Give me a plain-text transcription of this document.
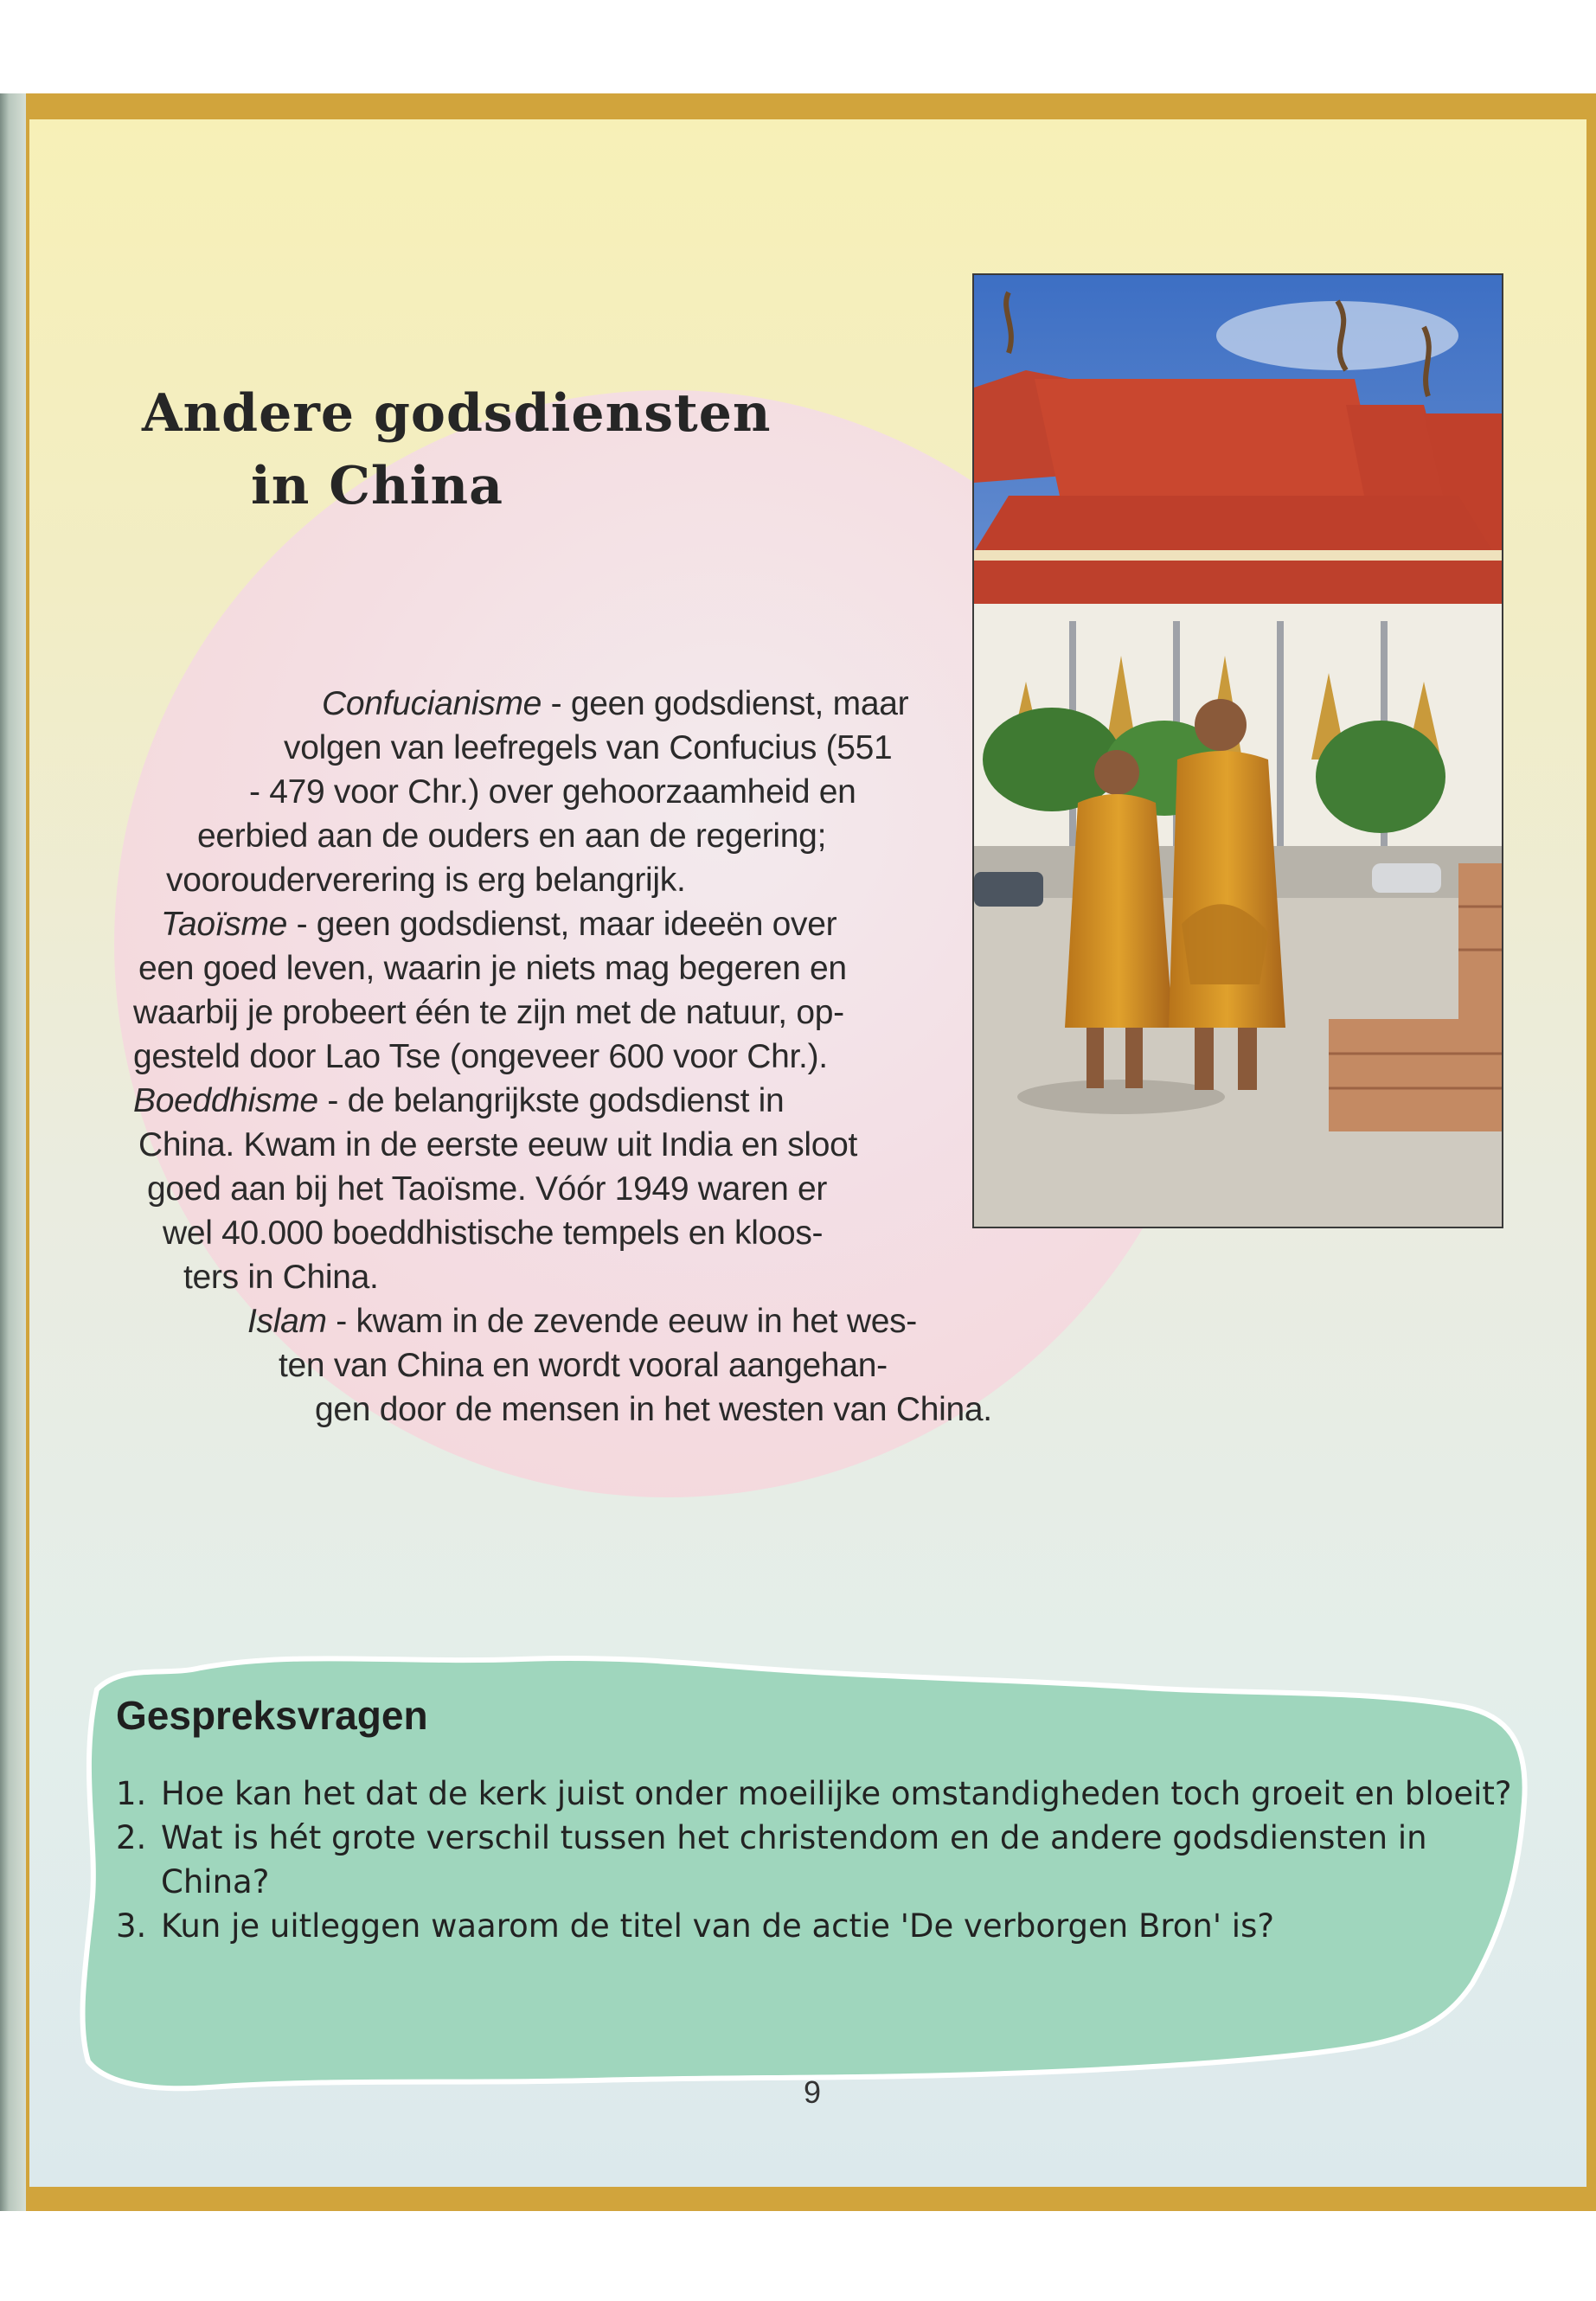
Andere godsdiensten
in China
Confucianisme - geen godsdienst, maar
volgen van leefregels van Confucius (551
- 479 voor Chr.) over gehoorzaamheid en
eerbied aan de ouders en aan de regering;
voorouderverering is erg belangrijk.
Taoïsme - geen godsdienst, maar ideeën over
een goed leven, waarin je niets mag begeren en
waarbij je probeert één te zijn met de natuur, op-
gesteld door Lao Tse (ongeveer 600 voor Chr.).
Boeddhisme - de belangrijkste godsdienst in
China. Kwam in de eerste eeuw uit India en sloot
goed aan bij het Taoïsme. Vóór 1949 waren er
wel 40.000 boeddhistische tempels en kloos-
ters in China.
Islam - kwam in de zevende eeuw in het wes-
ten van China en wordt vooral aangehan-
gen door de mensen in het westen van China.
Gespreksvragen
1. Hoe kan het dat de kerk juist onder moeilijke omstandigheden toch groeit en bloeit?
2. Wat is hét grote verschil tussen het christendom en de andere godsdiensten in China?
3. Kun je uitleggen waarom de titel van de actie 'De verborgen Bron' is?
9
